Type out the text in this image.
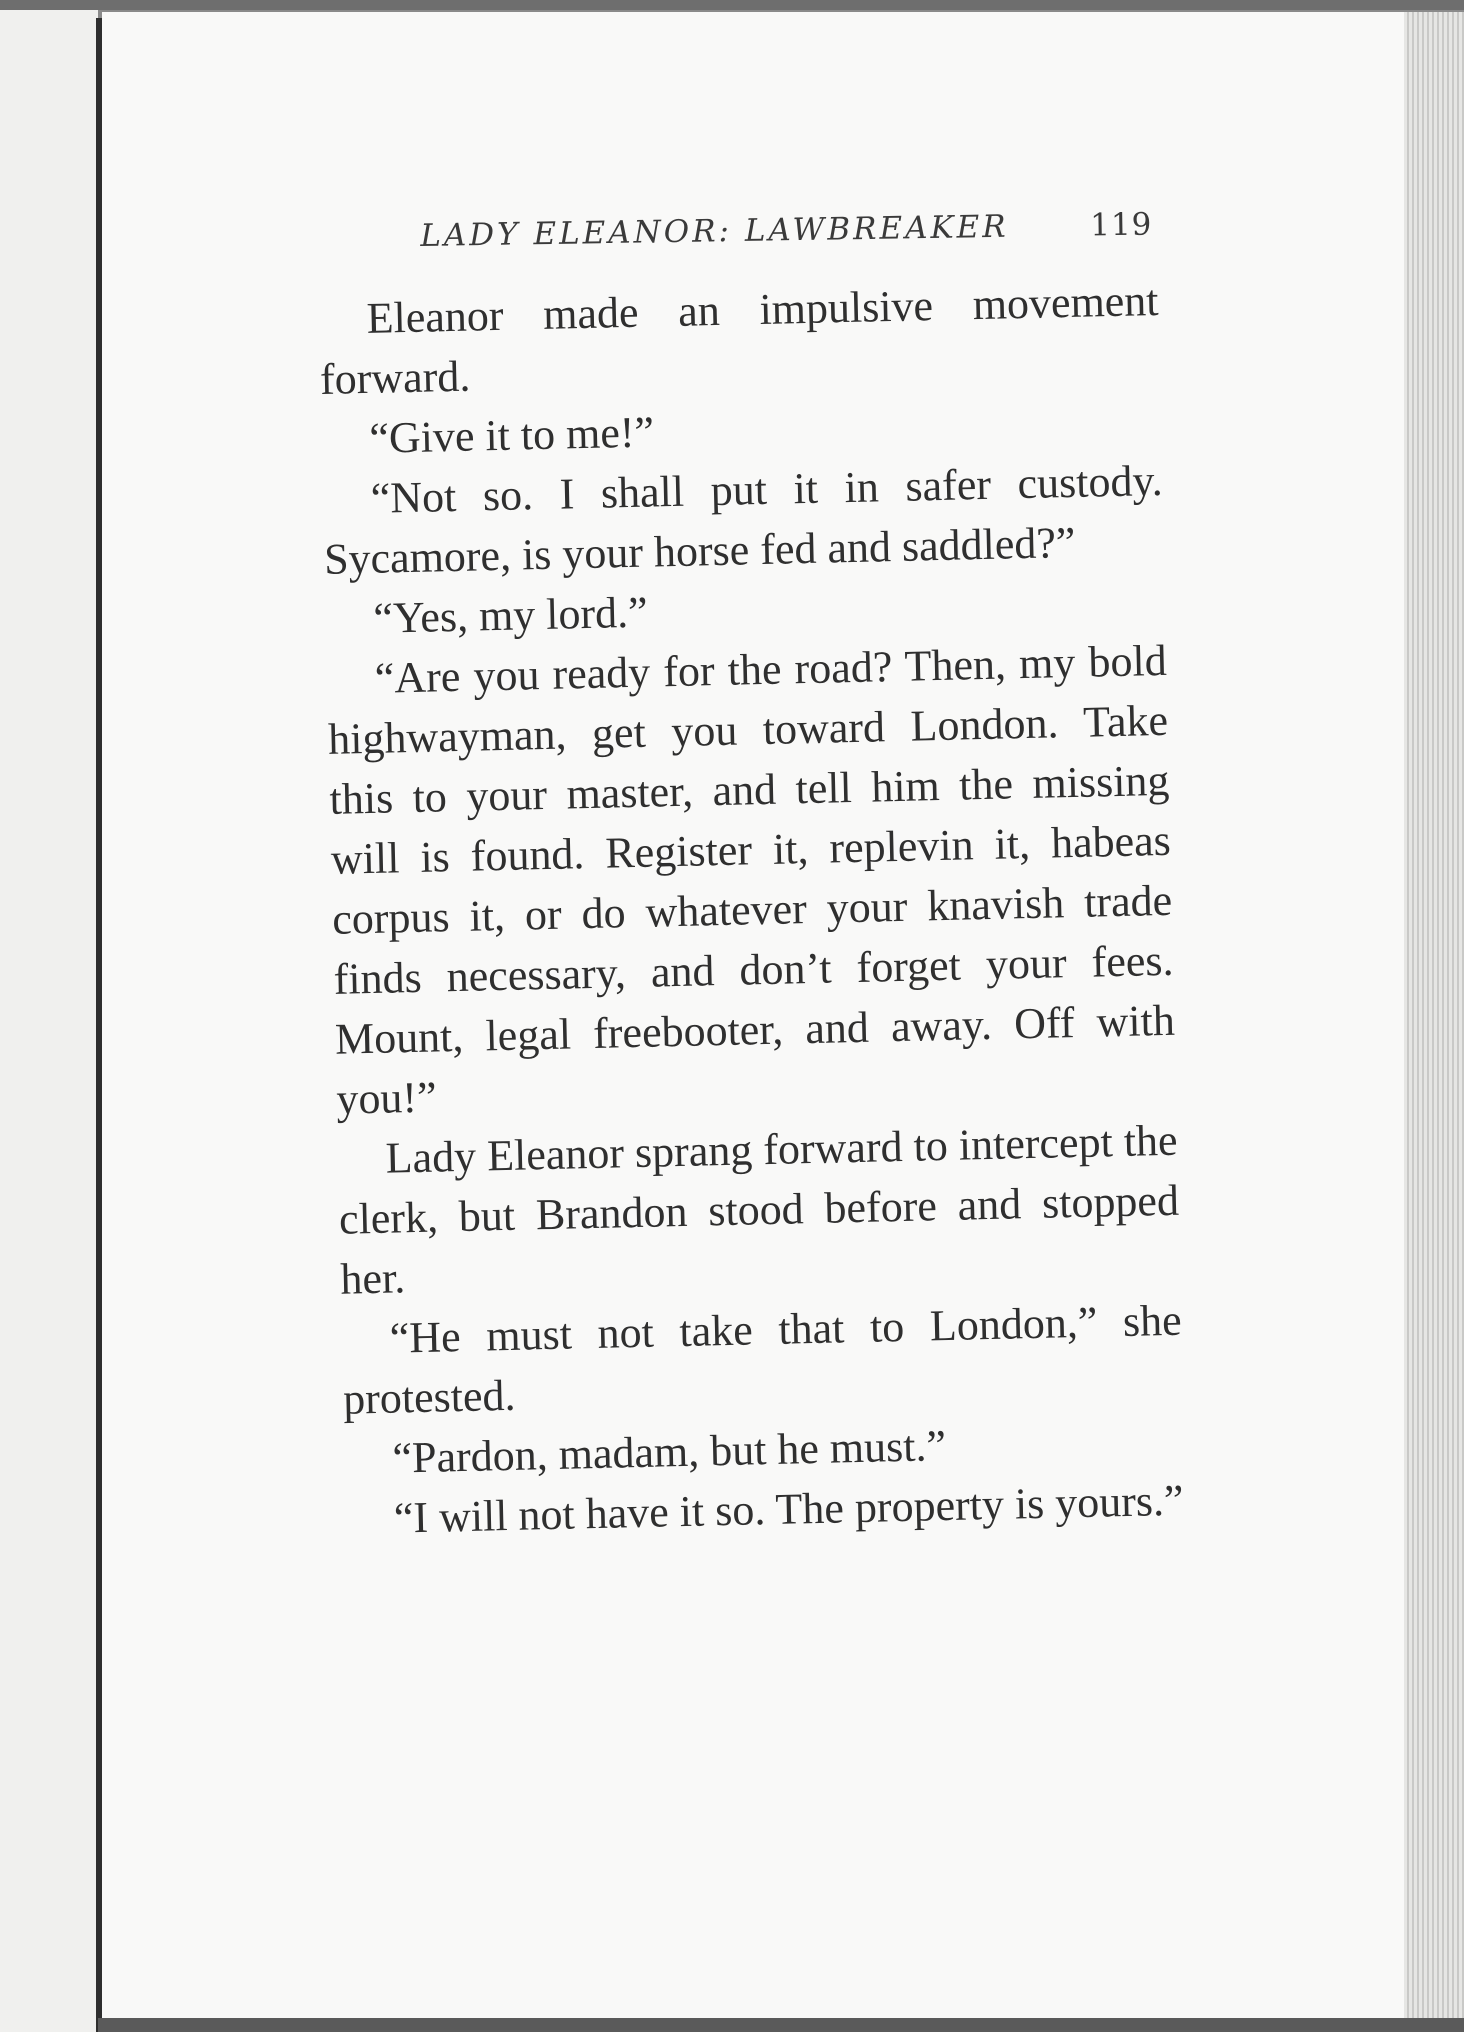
LADY ELEANOR: LAWBREAKER	119

Eleanor made an impulsive movement forward.

“Give it to me!”

“Not so. I shall put it in safer custody. Sycamore, is your horse fed and saddled?”

“Yes, my lord.”

“Are you ready for the road? Then, my bold highwayman, get you toward London. Take this to your master, and tell him the missing will is found. Register it, replevin it, habeas corpus it, or do whatever your knavish trade finds necessary, and don’t forget your fees. Mount, legal freebooter, and away. Off with you!”

Lady Eleanor sprang forward to intercept the clerk, but Brandon stood before and stopped her.

“He must not take that to London,” she protested.

“Pardon, madam, but he must.”

“I will not have it so. The property is yours.”
